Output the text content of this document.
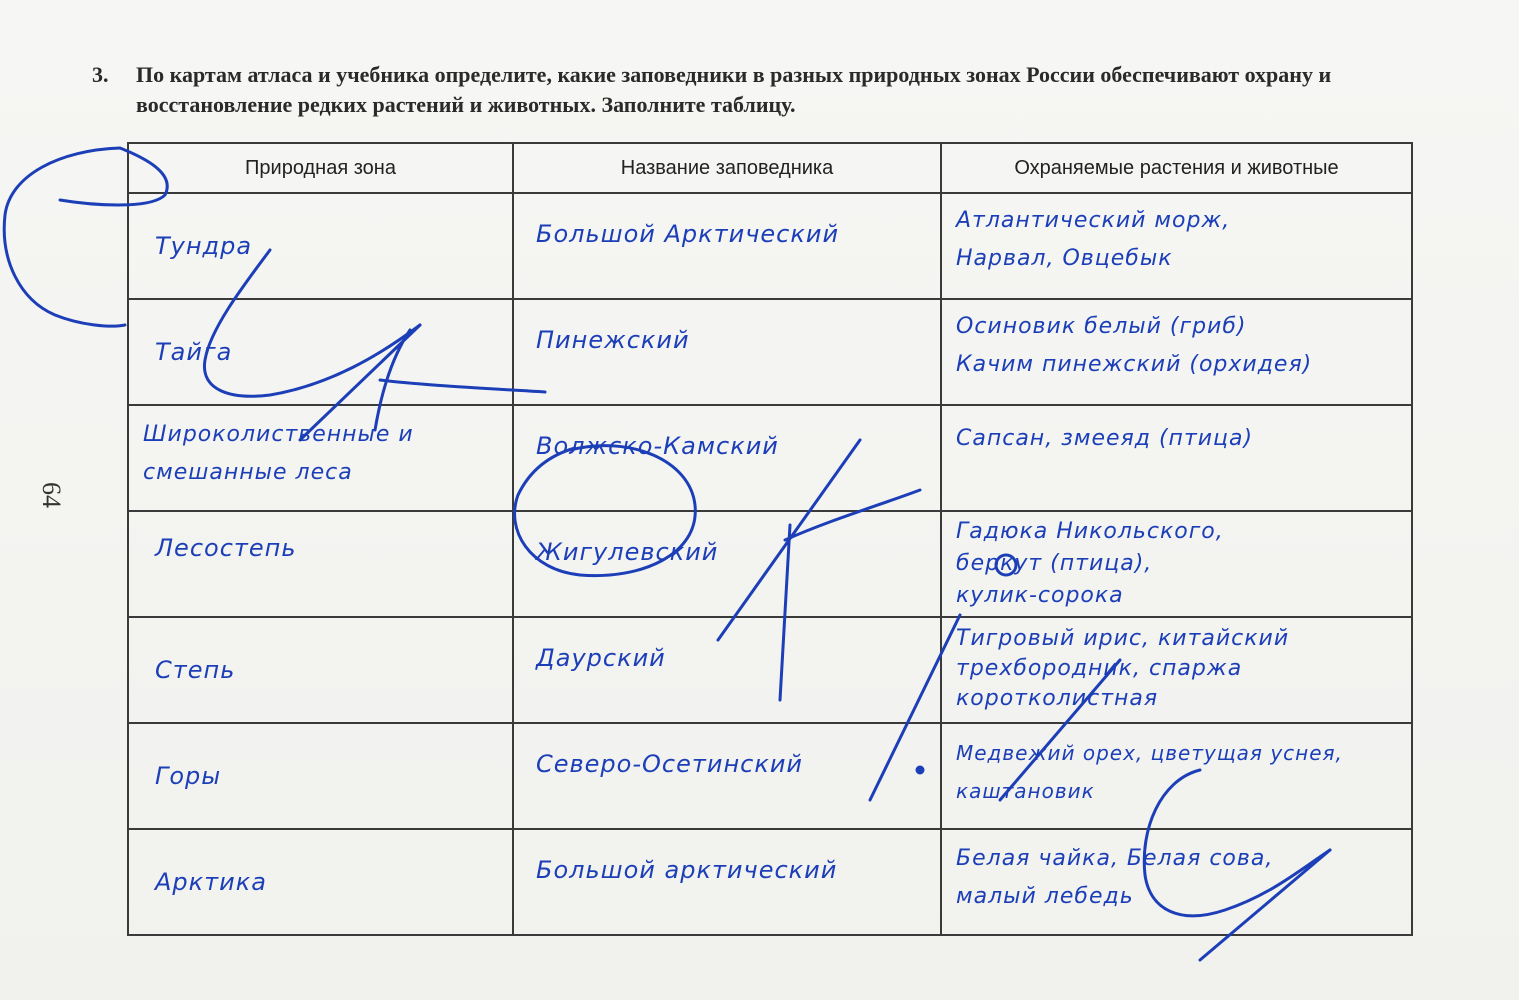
3. По картам атласа и учебника определите, какие заповедники в разных природных зонах России обеспечивают охрану и восстановление редких растений и животных. Заполните таблицу.
64
Природная зона	Название заповедника	Охраняемые растения и животные

Тундра	Большой Арктический	Атлантический морж,
Нарвал, Овцебык

Тайга	Пинежский	Осиновик белый (гриб)
Качим пинежский (орхидея)

Широколиственные и
смешанные леса	Волжско-Камский	Сапсан, змееяд (птица)

Лесостепь	Жигулевский	Гадюка Никольского,
беркут (птица),
кулик-сорока

Степь	Даурский	Тигровый ирис, китайский
трехбородник, спаржа
коротколистная

Горы	Северо-Осетинский	Медвежий орех, цветущая уснея,
каштановик

Арктика	Большой арктический	Белая чайка, Белая сова,
малый лебедь
